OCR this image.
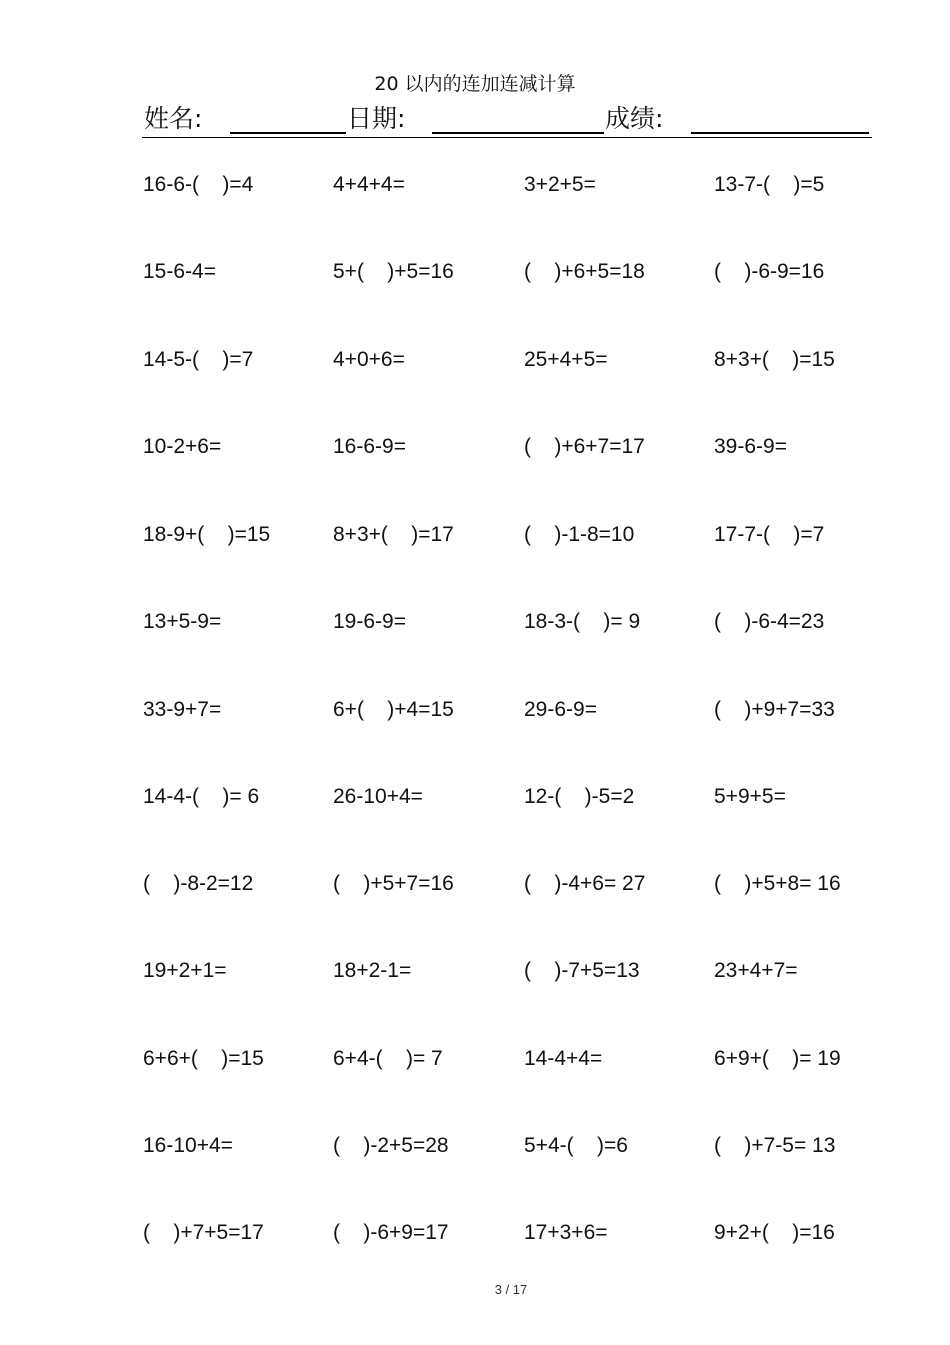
20 以内的连加连减计算
姓名:	日期:	成绩:
16-6-(    )=4	4+4+4=	3+2+5=	13-7-(    )=5
15-6-4=	5+(    )+5=16	(    )+6+5=18	(    )-6-9=16
14-5-(    )=7	4+0+6=	25+4+5=	8+3+(    )=15
10-2+6=	16-6-9=	(    )+6+7=17	39-6-9=
18-9+(    )=15	8+3+(    )=17	(    )-1-8=10	17-7-(    )=7
13+5-9=	19-6-9=	18-3-(    )= 9	(    )-6-4=23
33-9+7=	6+(    )+4=15	29-6-9=	(    )+9+7=33
14-4-(    )= 6	26-10+4=	12-(    )-5=2	5+9+5=
(    )-8-2=12	(    )+5+7=16	(    )-4+6= 27	(    )+5+8= 16
19+2+1=	18+2-1=	(    )-7+5=13	23+4+7=
6+6+(    )=15	6+4-(    )= 7	14-4+4=	6+9+(    )= 19
16-10+4=	(    )-2+5=28	5+4-(    )=6	(    )+7-5= 13
(    )+7+5=17	(    )-6+9=17	17+3+6=	9+2+(    )=16
3 / 17
